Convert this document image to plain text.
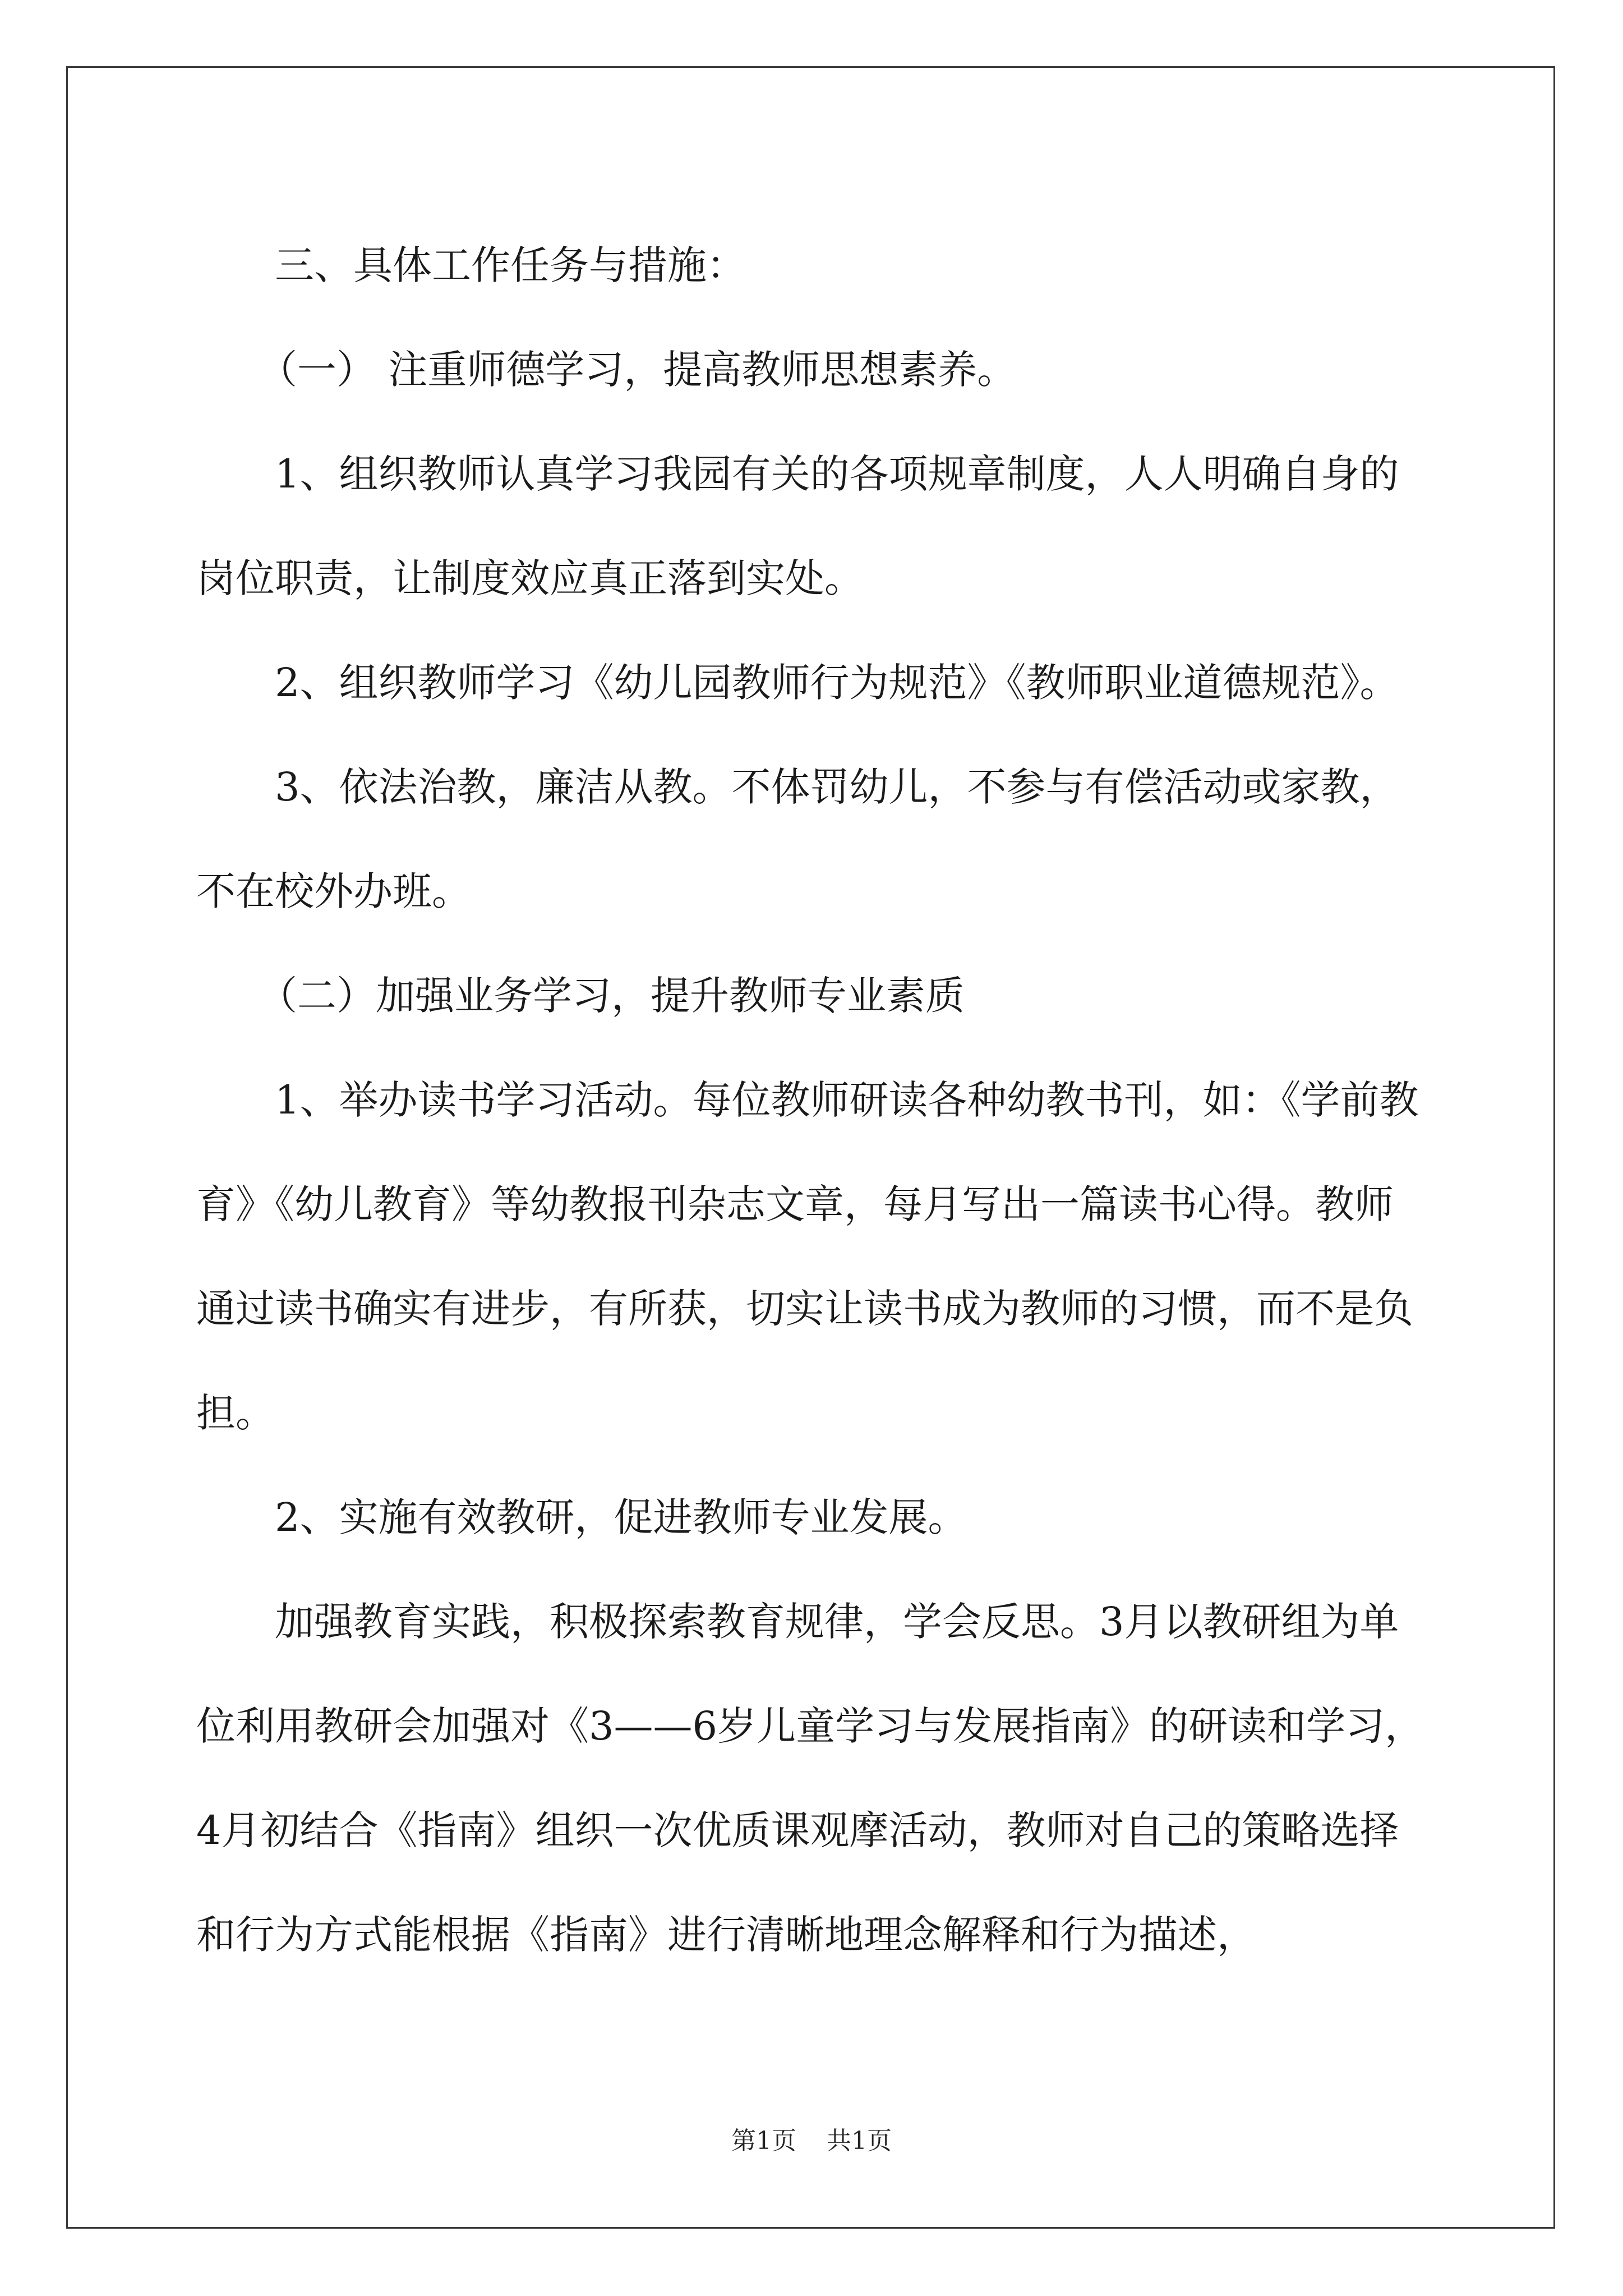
三、具体工作任务与措施：

（一） 注重师德学习，提高教师思想素养。

1、组织教师认真学习我园有关的各项规章制度，人人明确自身的岗位职责，让制度效应真正落到实处。

2、组织教师学习《幼儿园教师行为规范》《教师职业道德规范》。

3、依法治教，廉洁从教。不体罚幼儿，不参与有偿活动或家教，不在校外办班。

（二）加强业务学习，提升教师专业素质

1、举办读书学习活动。每位教师研读各种幼教书刊，如：《学前教育》《幼儿教育》等幼教报刊杂志文章，每月写出一篇读书心得。教师通过读书确实有进步，有所获，切实让读书成为教师的习惯，而不是负担。

2、实施有效教研，促进教师专业发展。

加强教育实践，积极探索教育规律，学会反思。3月以教研组为单位利用教研会加强对《3——6岁儿童学习与发展指南》的研读和学习，4月初结合《指南》组织一次优质课观摩活动，教师对自己的策略选择和行为方式能根据《指南》进行清晰地理念解释和行为描述，

第1页 共1页
